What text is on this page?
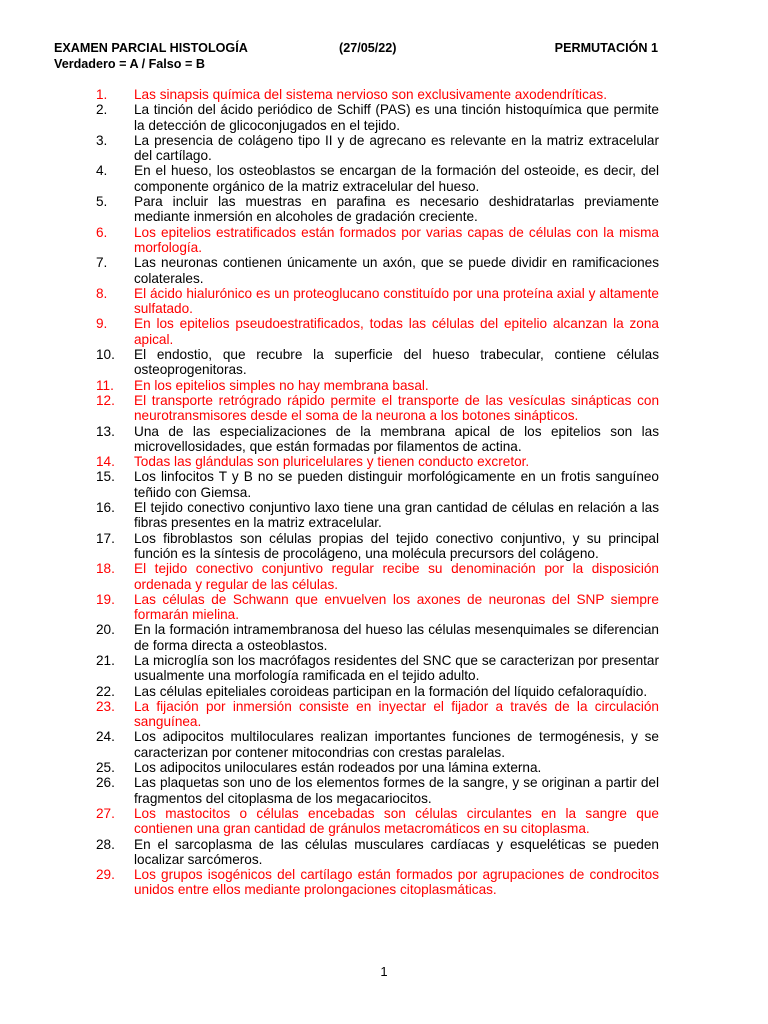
EXAMEN PARCIAL HISTOLOGÍA	(27/05/22)	PERMUTACIÓN 1
Verdadero = A / Falso = B
1.	Las sinapsis química del sistema nervioso son exclusivamente axodendríticas.
2.	La tinción del ácido periódico de Schiff (PAS) es una tinción histoquímica que permite la detección de glicoconjugados en el tejido.
3.	La presencia de colágeno tipo II y de agrecano es relevante en la matriz extracelular del cartílago.
4.	En el hueso, los osteoblastos se encargan de la formación del osteoide, es decir, del componente orgánico de la matriz extracelular del hueso.
5.	Para incluir las muestras en parafina es necesario deshidratarlas previamente mediante inmersión en alcoholes de gradación creciente.
6.	Los epitelios estratificados están formados por varias capas de células con la misma morfología.
7.	Las neuronas contienen únicamente un axón, que se puede dividir en ramificaciones colaterales.
8.	El ácido hialurónico es un proteoglucano constituído por una proteína axial y altamente sulfatado.
9.	En los epitelios pseudoestratificados, todas las células del epitelio alcanzan la zona apical.
10.	El endostio, que recubre la superficie del hueso trabecular, contiene células osteoprogenitoras.
11.	En los epitelios simples no hay membrana basal.
12.	El transporte retrógrado rápido permite el transporte de las vesículas sinápticas con neurotransmisores desde el soma de la neurona a los botones sinápticos.
13.	Una de las especializaciones de la membrana apical de los epitelios son las microvellosidades, que están formadas por filamentos de actina.
14.	Todas las glándulas son pluricelulares y tienen conducto excretor.
15.	Los linfocitos T y B no se pueden distinguir morfológicamente en un frotis sanguíneo teñido con Giemsa.
16.	El tejido conectivo conjuntivo laxo tiene una gran cantidad de células en relación a las fibras presentes en la matriz extracelular.
17.	Los fibroblastos son células propias del tejido conectivo conjuntivo, y su principal función es la síntesis de procolágeno, una molécula precursors del colágeno.
18.	El tejido conectivo conjuntivo regular recibe su denominación por la disposición ordenada y regular de las células.
19.	Las células de Schwann que envuelven los axones de neuronas del SNP siempre formarán mielina.
20.	En la formación intramembranosa del hueso las células mesenquimales se diferencian de forma directa a osteoblastos.
21.	La microglía son los macrófagos residentes del SNC que se caracterizan por presentar usualmente una morfología ramificada en el tejido adulto.
22.	Las células epiteliales coroideas participan en la formación del líquido cefaloraquídio.
23.	La fijación por inmersión consiste en inyectar el fijador a través de la circulación sanguínea.
24.	Los adipocitos multiloculares realizan importantes funciones de termogénesis, y se caracterizan por contener mitocondrias con crestas paralelas.
25.	Los adipocitos uniloculares están rodeados por una lámina externa.
26.	Las plaquetas son uno de los elementos formes de la sangre, y se originan a partir del fragmentos del citoplasma de los megacariocitos.
27.	Los mastocitos o células encebadas son células circulantes en la sangre que contienen una gran cantidad de gránulos metacromáticos en su citoplasma.
28.	En el sarcoplasma de las células musculares cardíacas y esqueléticas se pueden localizar sarcómeros.
29.	Los grupos isogénicos del cartílago están formados por agrupaciones de condrocitos unidos entre ellos mediante prolongaciones citoplasmáticas.
1
